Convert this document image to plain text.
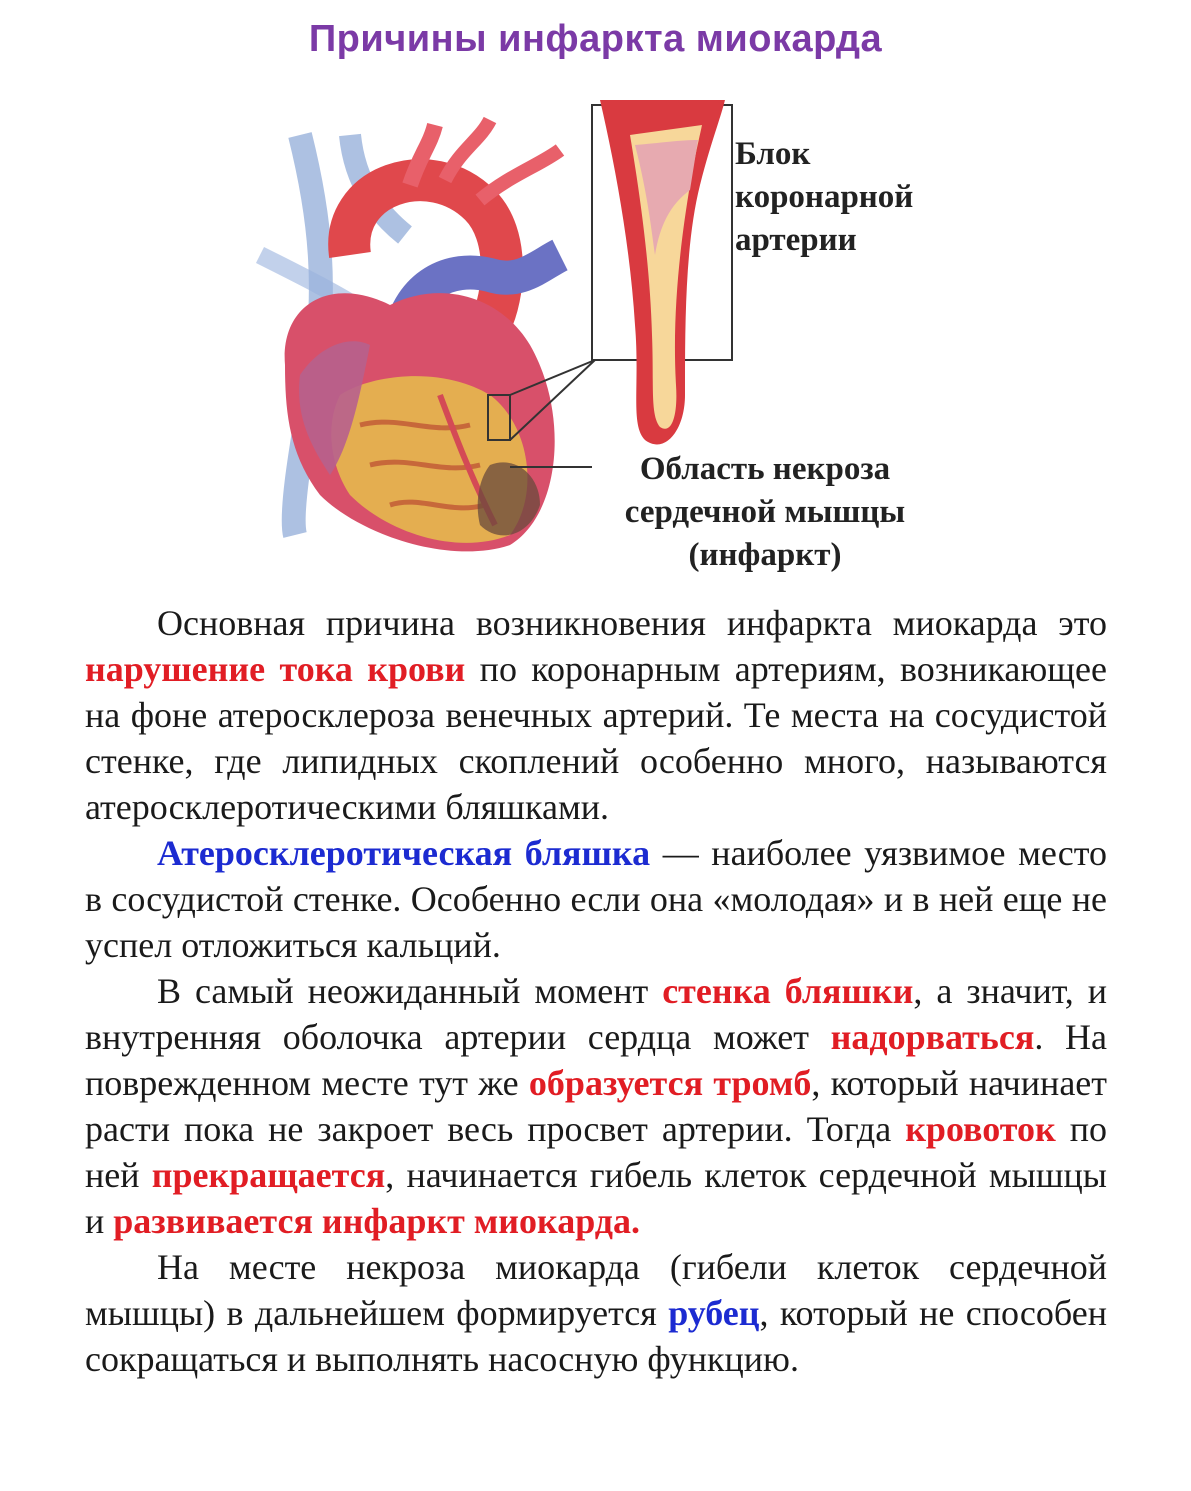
Причины инфаркта миокарда
Блок
коронарной
артерии
Область некроза
сердечной мышцы
(инфаркт)

Основная причина возникновения инфаркта миокарда это нарушение тока крови по коронарным артериям, возникающее на фоне атеросклероза венечных артерий. Те места на сосудистой стенке, где липидных скоплений особенно много, называются атеросклеротическими бляшками.

Атеросклеротическая бляшка — наиболее уязвимое место в сосудистой стенке. Особенно если она «молодая» и в ней еще не успел отложиться кальций.

В самый неожиданный момент стенка бляшки, а значит, и внутренняя оболочка артерии сердца может надорваться. На поврежденном месте тут же образуется тромб, который начинает расти пока не закроет весь просвет артерии. Тогда кровоток по ней прекращается, начинается гибель клеток сердечной мышцы и развивается инфаркт миокарда.

На месте некроза миокарда (гибели клеток сердечной мышцы) в дальнейшем формируется рубец, который не способен сокращаться и выполнять насосную функцию.
